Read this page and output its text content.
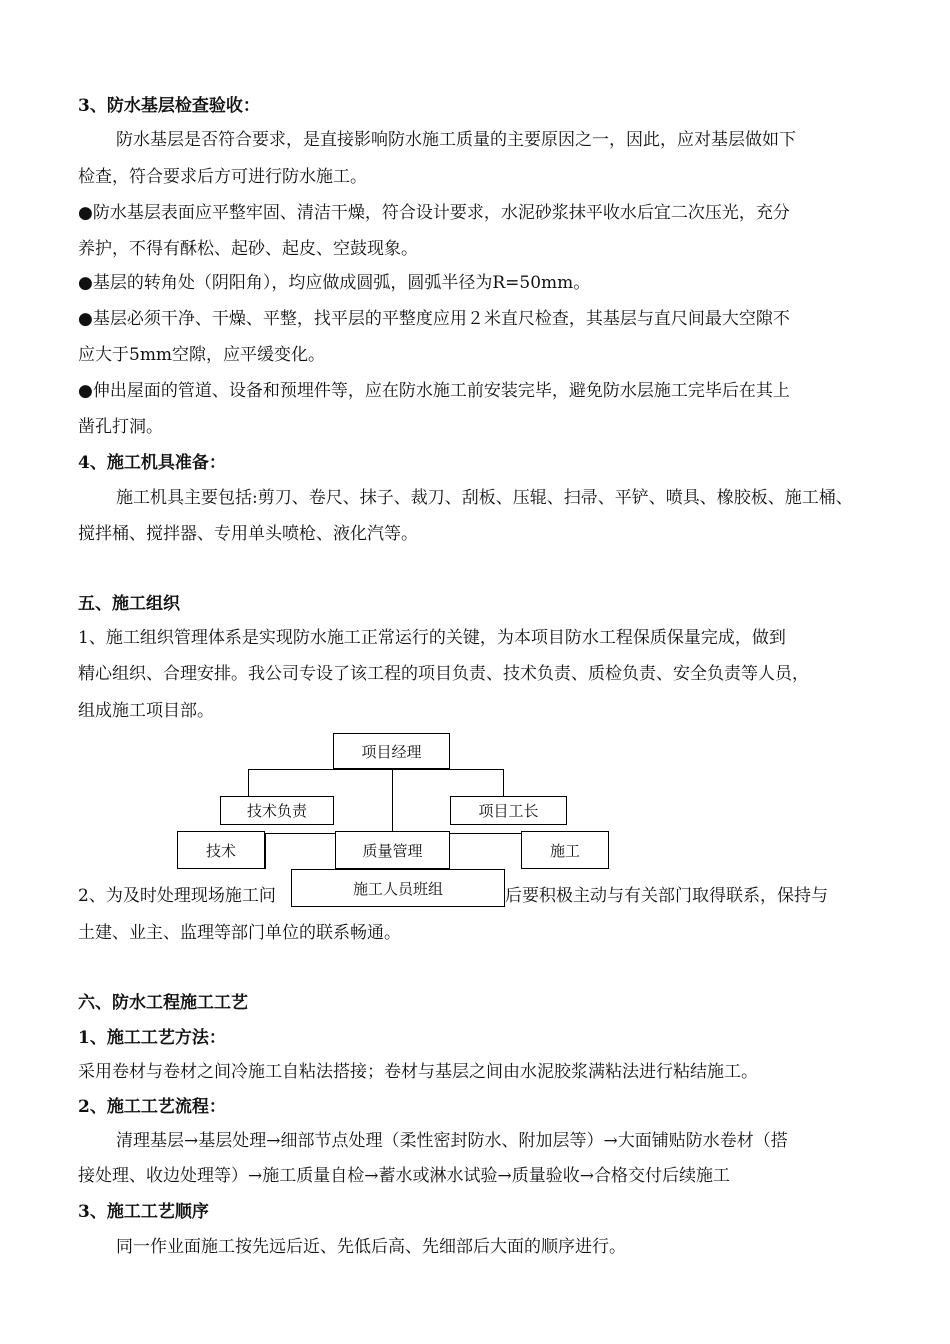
3、防水基层检查验收：
防水基层是否符合要求，是直接影响防水施工质量的主要原因之一，因此，应对基层做如下
检查，符合要求后方可进行防水施工。
●防水基层表面应平整牢固、清洁干燥，符合设计要求，水泥砂浆抹平收水后宜二次压光，充分
养护，不得有酥松、起砂、起皮、空鼓现象。
●基层的转角处（阴阳角），均应做成圆弧，圆弧半径为R=50mm。
●基层必须干净、干燥、平整，找平层的平整度应用２米直尺检查，其基层与直尺间最大空隙不
应大于5mm空隙，应平缓变化。
●伸出屋面的管道、设备和预埋件等，应在防水施工前安装完毕，避免防水层施工完毕后在其上
凿孔打洞。
4、施工机具准备：
施工机具主要包括:剪刀、卷尺、抹子、裁刀、刮板、压辊、扫帚、平铲、喷具、橡胶板、施工桶、
搅拌桶、搅拌器、专用单头喷枪、液化汽等。
五、施工组织
1、施工组织管理体系是实现防水施工正常运行的关键，为本项目防水工程保质保量完成，做到
精心组织、合理安排。我公司专设了该工程的项目负责、技术负责、质检负责、安全负责等人员，
组成施工项目部。
2、为及时处理现场施工问	后要积极主动与有关部门取得联系，保持与
土建、业主、监理等部门单位的联系畅通。
项目经理
技术负责	项目工长
技术	质量管理	施工
施工人员班组
六、防水工程施工工艺
1、施工工艺方法：
采用卷材与卷材之间冷施工自粘法搭接；卷材与基层之间由水泥胶浆满粘法进行粘结施工。
2、施工工艺流程：
清理基层→基层处理→细部节点处理（柔性密封防水、附加层等）→大面铺贴防水卷材（搭
接处理、收边处理等）→施工质量自检→蓄水或淋水试验→质量验收→合格交付后续施工
3、施工工艺顺序
同一作业面施工按先远后近、先低后高、先细部后大面的顺序进行。
